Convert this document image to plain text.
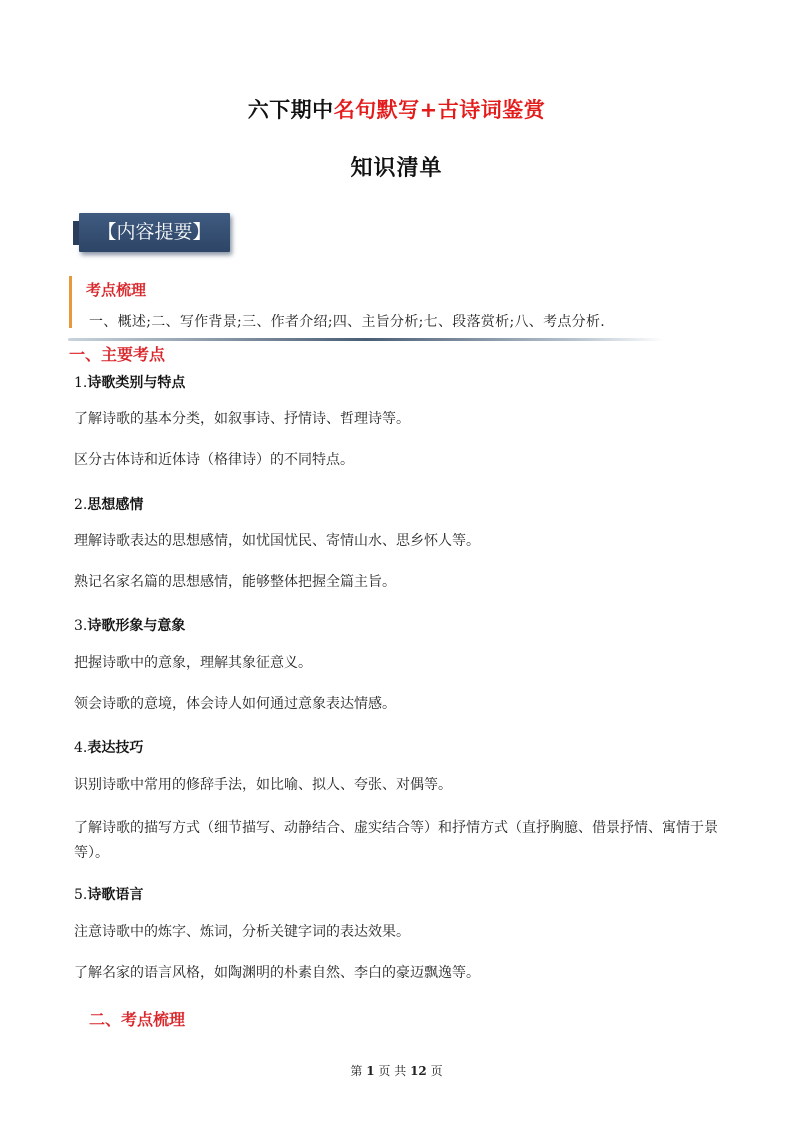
六下期中名句默写+古诗词鉴赏
知识清单
【内容提要】
考点梳理
一、概述;二、写作背景;三、作者介绍;四、主旨分析;七、段落赏析;八、考点分析.
一、主要考点
1.诗歌类别与特点
了解诗歌的基本分类，如叙事诗、抒情诗、哲理诗等。
区分古体诗和近体诗（格律诗）的不同特点。
2.思想感情
理解诗歌表达的思想感情，如忧国忧民、寄情山水、思乡怀人等。
熟记名家名篇的思想感情，能够整体把握全篇主旨。
3.诗歌形象与意象
把握诗歌中的意象，理解其象征意义。
领会诗歌的意境，体会诗人如何通过意象表达情感。
4.表达技巧
识别诗歌中常用的修辞手法，如比喻、拟人、夸张、对偶等。
了解诗歌的描写方式（细节描写、动静结合、虚实结合等）和抒情方式（直抒胸臆、借景抒情、寓情于景等）。
5.诗歌语言
注意诗歌中的炼字、炼词，分析关键字词的表达效果。
了解名家的语言风格，如陶渊明的朴素自然、李白的豪迈飘逸等。
二、考点梳理
第 1 页 共 12 页
